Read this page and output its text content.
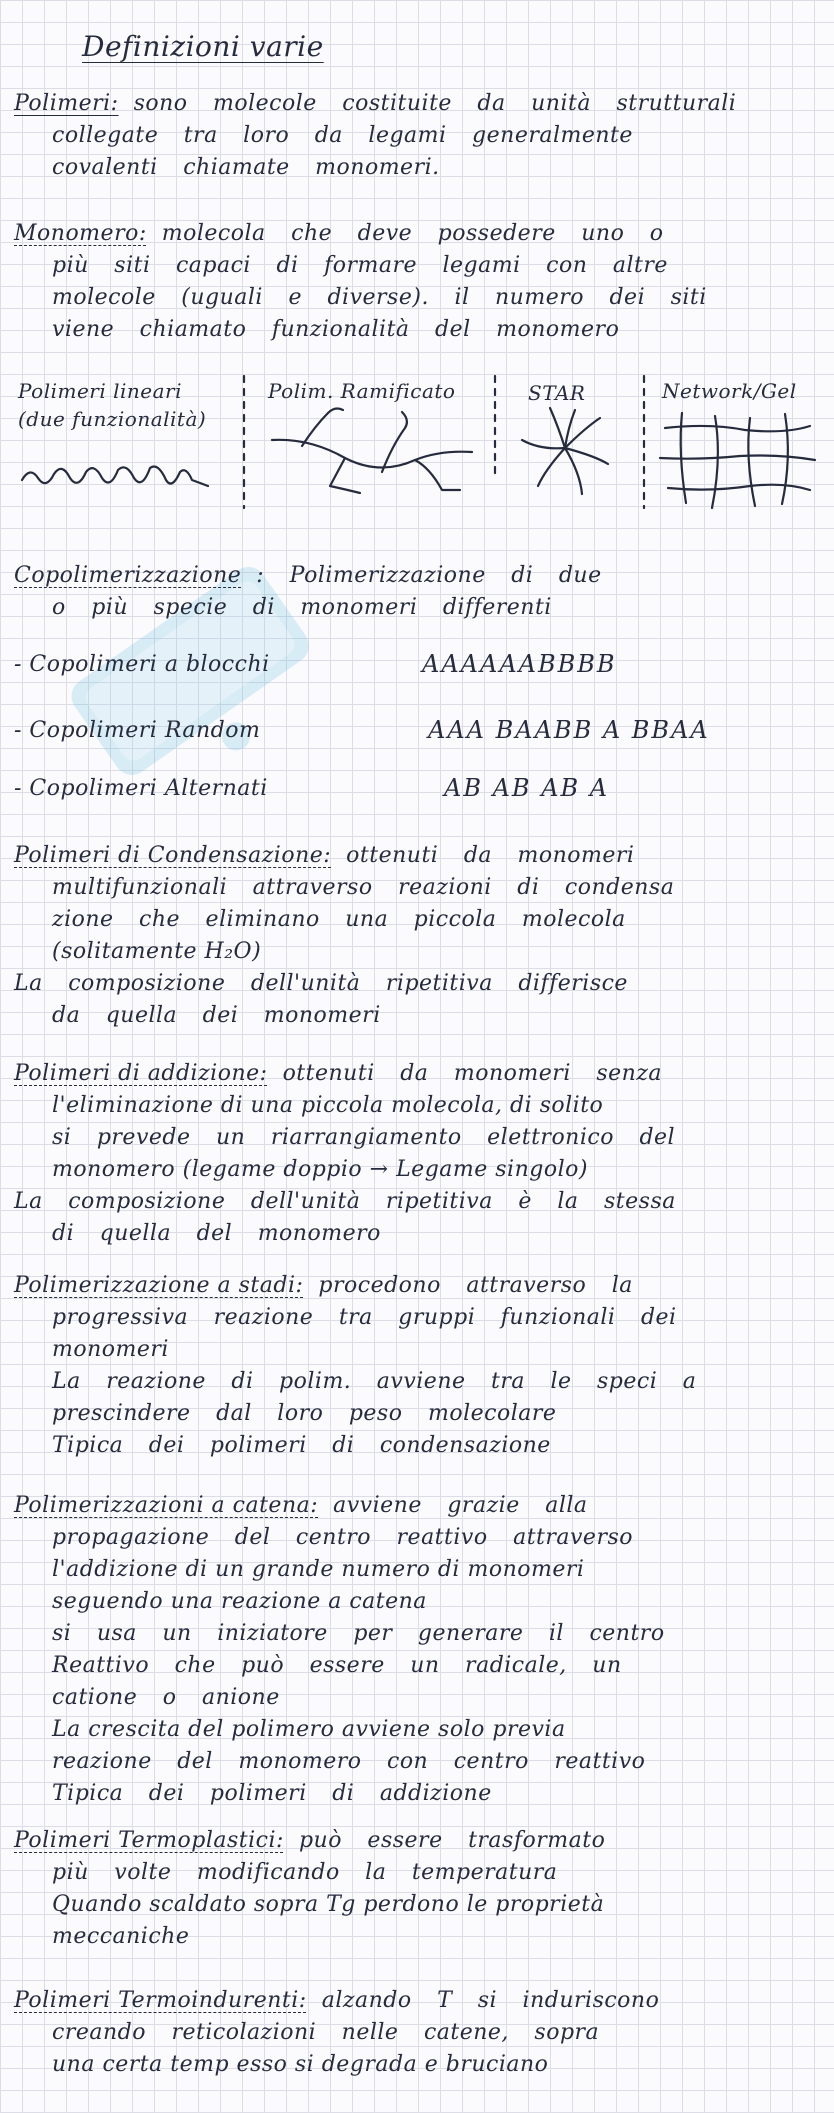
Definizioni varie
Polimeri: sono molecole costituite da unità strutturali
collegate tra loro da legami generalmente
covalenti chiamate monomeri.
Monomero: molecola che deve possedere uno o
più siti capaci di formare legami con altre
molecole (uguali e diverse). il numero dei siti
viene chiamato funzionalità del monomero
Polimeri lineari
(due funzionalità)
Polim. Ramificato	STAR	Network/Gel
Copolimerizzazione : Polimerizzazione di due
o più specie di monomeri differenti
- Copolimeri a blocchi	AAAAAABBBB
- Copolimeri Random	AAA BAABB A BBAA
- Copolimeri Alternati	AB AB AB A
Polimeri di Condensazione: ottenuti da monomeri
multifunzionali attraverso reazioni di condensa
zione che eliminano una piccola molecola
(solitamente H₂O)
La composizione dell'unità ripetitiva differisce
da quella dei monomeri
Polimeri di addizione: ottenuti da monomeri senza
l'eliminazione di una piccola molecola, di solito
si prevede un riarrangiamento elettronico del
monomero (legame doppio → Legame singolo)
La composizione dell'unità ripetitiva è la stessa
di quella del monomero
Polimerizzazione a stadi: procedono attraverso la
progressiva reazione tra gruppi funzionali dei
monomeri
La reazione di polim. avviene tra le speci a
prescindere dal loro peso molecolare
Tipica dei polimeri di condensazione
Polimerizzazioni a catena: avviene grazie alla
propagazione del centro reattivo attraverso
l'addizione di un grande numero di monomeri
seguendo una reazione a catena
si usa un iniziatore per generare il centro
Reattivo che può essere un radicale, un
catione o anione
La crescita del polimero avviene solo previa
reazione del monomero con centro reattivo
Tipica dei polimeri di addizione
Polimeri Termoplastici: può essere trasformato
più volte modificando la temperatura
Quando scaldato sopra Tg perdono le proprietà
meccaniche
Polimeri Termoindurenti: alzando T si induriscono
creando reticolazioni nelle catene, sopra
una certa temp esso si degrada e bruciano
